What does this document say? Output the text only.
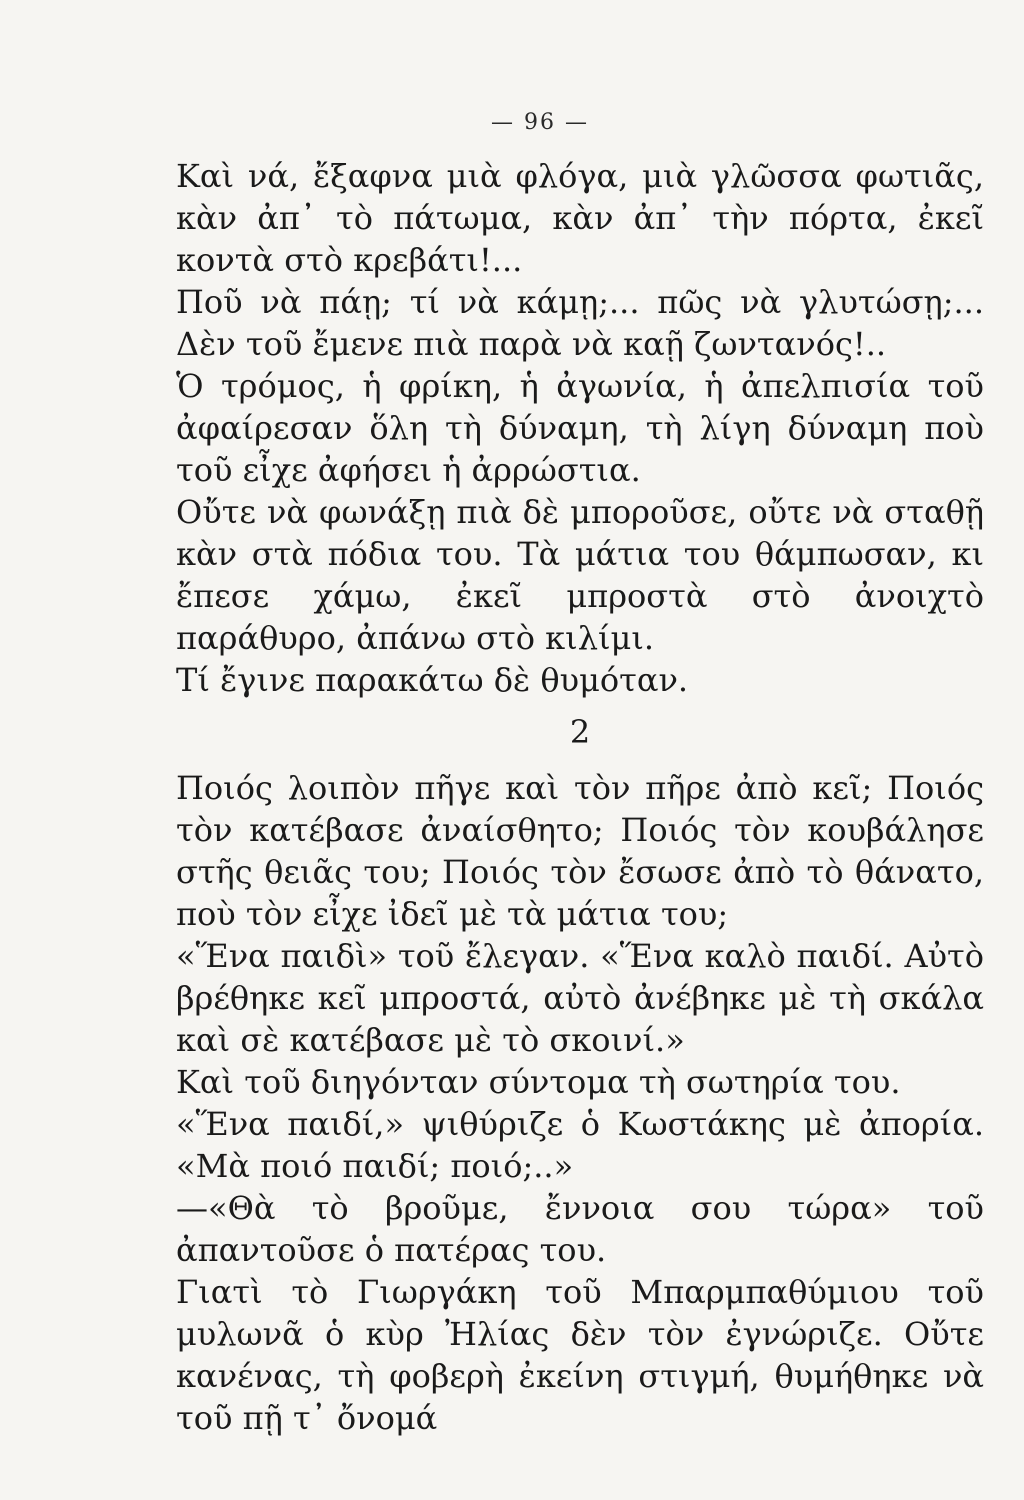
— 96 —

Καὶ νά, ἔξαφνα μιὰ φλόγα, μιὰ γλῶσσα φωτιᾶς, κὰν ἀπ᾽ τὸ πάτωμα, κὰν ἀπ᾽ τὴν πόρτα, ἐκεῖ κοντὰ στὸ κρεβάτι!...

Ποῦ νὰ πάῃ; τί νὰ κάμῃ;... πῶς νὰ γλυτώσῃ;... Δὲν τοῦ ἔμενε πιὰ παρὰ νὰ καῇ ζωντανός!..

Ὁ τρόμος, ἡ φρίκη, ἡ ἀγωνία, ἡ ἀπελπισία τοῦ ἀφαίρεσαν ὅλη τὴ δύναμη, τὴ λίγη δύναμη ποὺ τοῦ εἶχε ἀφήσει ἡ ἀρρώστια.

Οὔτε νὰ φωνάξῃ πιὰ δὲ μποροῦσε, οὔτε νὰ σταθῇ κὰν στὰ πόδια του. Τὰ μάτια του θάμπωσαν, κι ἔπεσε χάμω, ἐκεῖ μπροστὰ στὸ ἀνοιχτὸ παράθυρο, ἀπάνω στὸ κιλίμι.

Τί ἔγινε παρακάτω δὲ θυμόταν.

2

Ποιός λοιπὸν πῆγε καὶ τὸν πῆρε ἀπὸ κεῖ; Ποιός τὸν κατέβασε ἀναίσθητο; Ποιός τὸν κουβάλησε στῆς θειᾶς του; Ποιός τὸν ἔσωσε ἀπὸ τὸ θάνατο, ποὺ τὸν εἶχε ἰδεῖ μὲ τὰ μάτια του;

«Ἕνα παιδὶ» τοῦ ἔλεγαν. «Ἕνα καλὸ παιδί. Αὐτὸ βρέθηκε κεῖ μπροστά, αὐτὸ ἀνέβηκε μὲ τὴ σκάλα καὶ σὲ κατέβασε μὲ τὸ σκοινί.»

Καὶ τοῦ διηγόνταν σύντομα τὴ σωτηρία του.

«Ἕνα παιδί,» ψιθύριζε ὁ Κωστάκης μὲ ἀπορία. «Μὰ ποιό παιδί; ποιό;..»

—«Θὰ τὸ βροῦμε, ἔννοια σου τώρα» τοῦ ἀπαντοῦσε ὁ πατέρας του.

Γιατὶ τὸ Γιωργάκη τοῦ Μπαρμπαθύμιου τοῦ μυλωνᾶ ὁ κὺρ Ἠλίας δὲν τὸν ἐγνώριζε. Οὔτε κανένας, τὴ φοβερὴ ἐκείνη στιγμή, θυμήθηκε νὰ τοῦ πῇ τ᾽ ὄνομά
